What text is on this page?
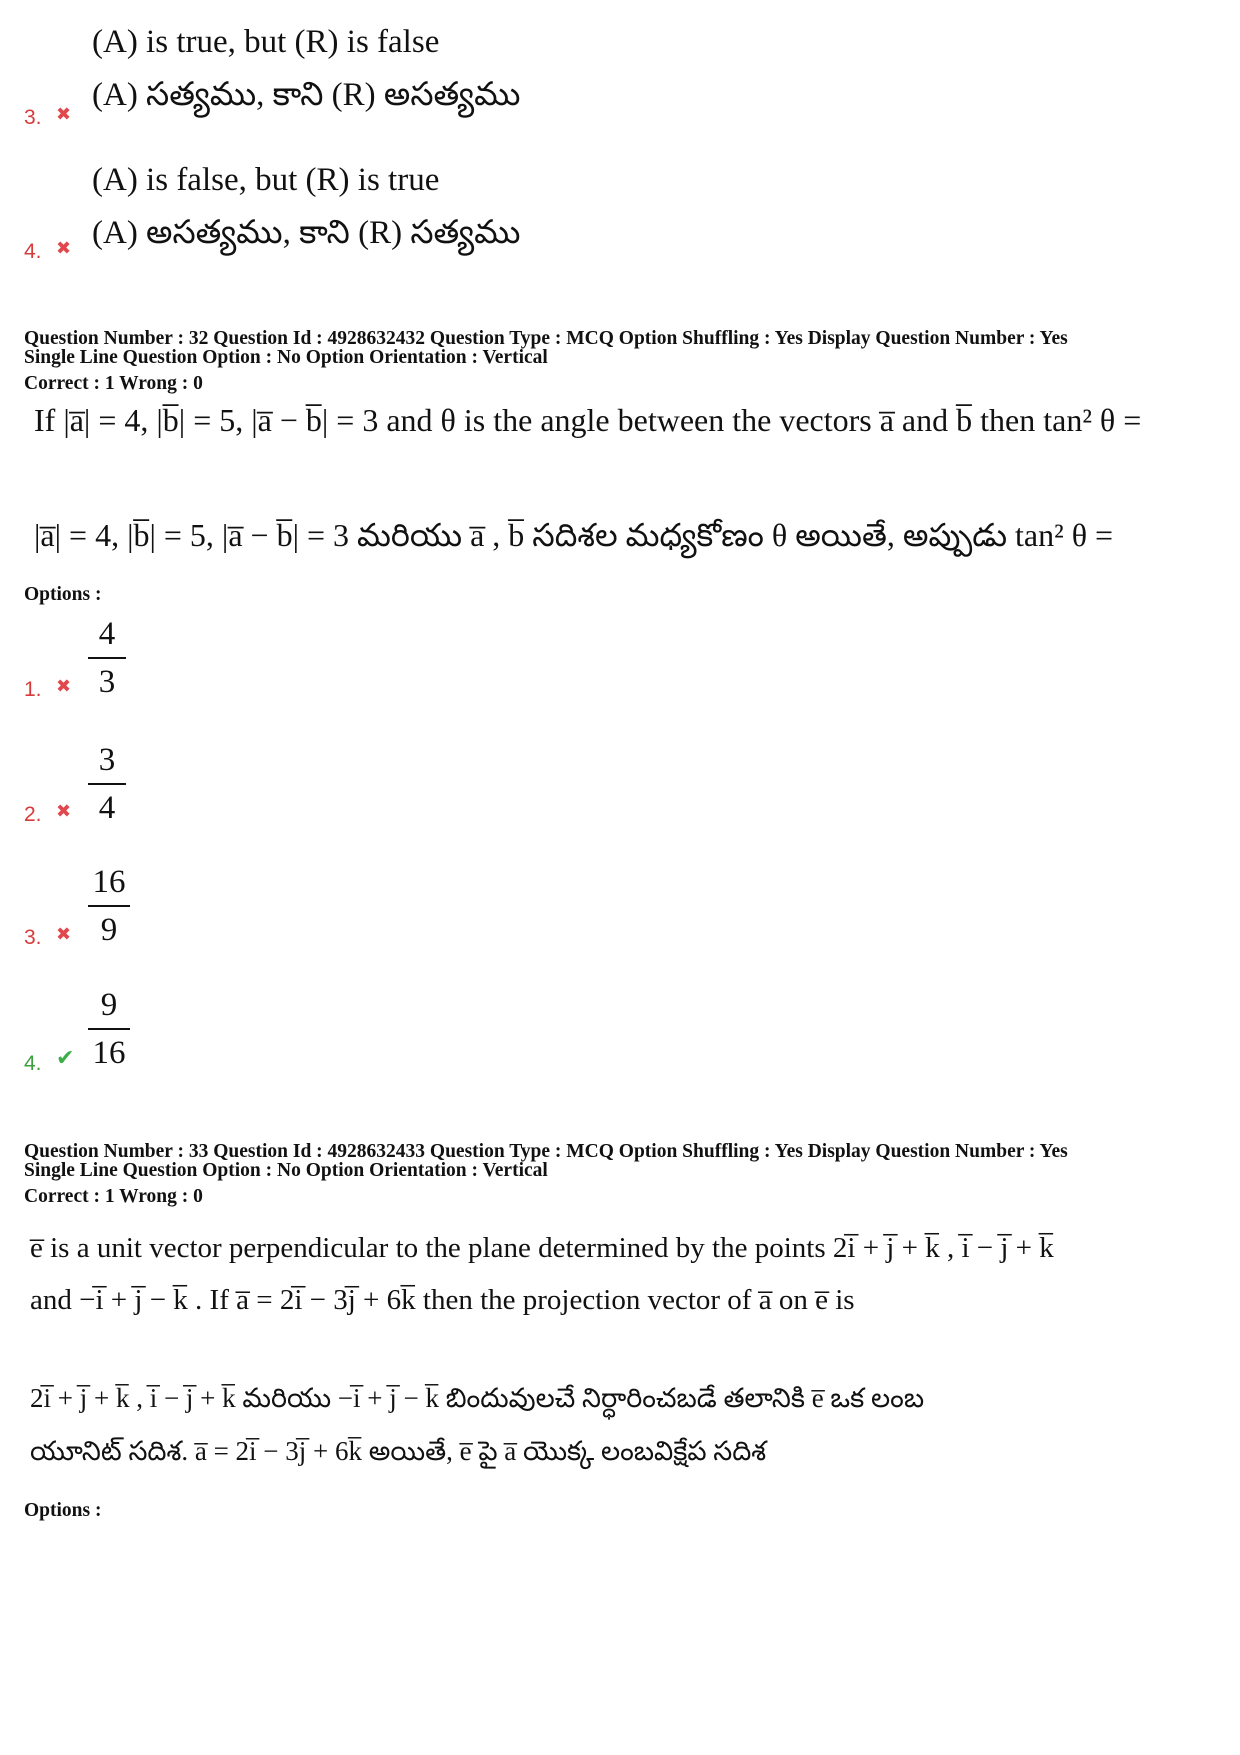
(A) is true, but (R) is false
(A) సత్యము, కాని (R) అసత్యము
3. ✖
(A) is false, but (R) is true
(A) అసత్యము, కాని (R) సత్యము
4. ✖
Question Number : 32 Question Id : 4928632432 Question Type : MCQ Option Shuffling : Yes Display Question Number : Yes
Single Line Question Option : No Option Orientation : Vertical
Correct : 1 Wrong : 0
If |a̅| = 4, |b̅| = 5, |a̅ − b̅| = 3 and θ is the angle between the vectors a̅ and b̅ then tan² θ =
|a̅| = 4, |b̅| = 5, |a̅ − b̅| = 3 మరియు a̅ , b̅ సదిశల మధ్యకోణం θ అయితే, అప్పుడు tan² θ =
Options :
4
3
1. ✖
3
4
2. ✖
16
9
3. ✖
9
16
4. ✔
Question Number : 33 Question Id : 4928632433 Question Type : MCQ Option Shuffling : Yes Display Question Number : Yes
Single Line Question Option : No Option Orientation : Vertical
Correct : 1 Wrong : 0
e̅ is a unit vector perpendicular to the plane determined by the points 2i̅ + j̅ + k̅ , i̅ − j̅ + k̅
and −i̅ + j̅ − k̅ . If a̅ = 2i̅ − 3j̅ + 6k̅ then the projection vector of a̅ on e̅ is
2i̅ + j̅ + k̅ , i̅ − j̅ + k̅ మరియు −i̅ + j̅ − k̅ బిందువులచే నిర్ధారించబడే తలానికి e̅ ఒక లంబ
యూనిట్ సదిశ. a̅ = 2i̅ − 3j̅ + 6k̅ అయితే, e̅ పై a̅ యొక్క లంబవిక్షేప సదిశ
Options :
